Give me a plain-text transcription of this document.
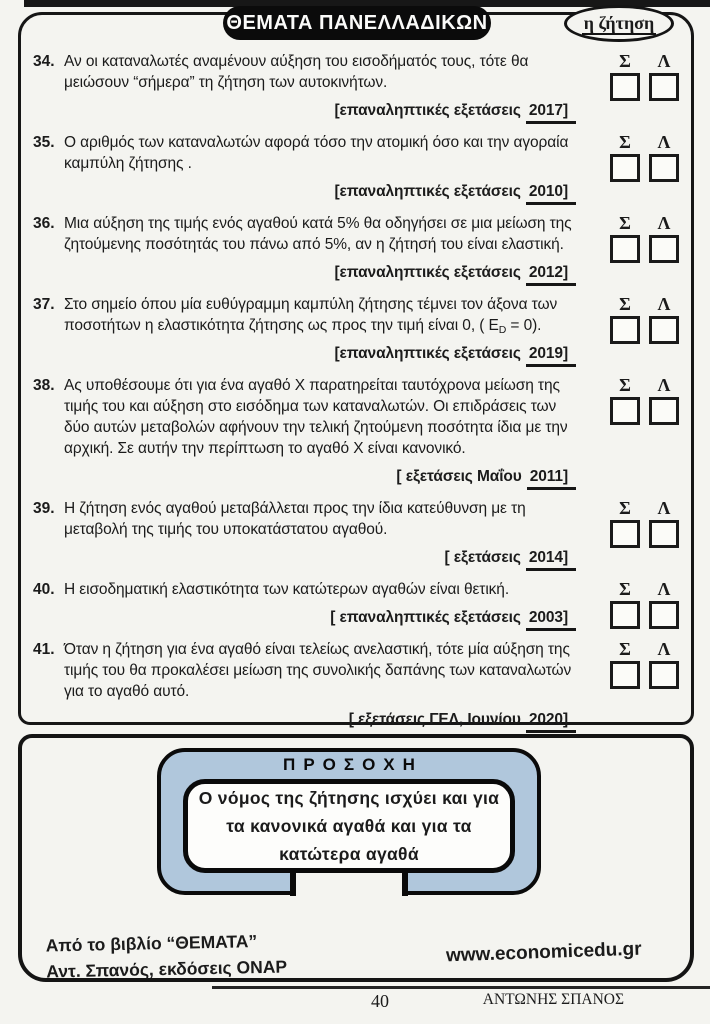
ΘΕΜΑΤΑ ΠΑΝΕΛΛΑΔΙΚΩΝ	η ζήτηση
34. Αν οι καταναλωτές αναμένουν αύξηση του εισοδήματός τους, τότε θα μειώσουν “σήμερα” τη ζήτηση των αυτοκινήτων.
[επαναληπτικές εξετάσεις 2017]
Σ Λ
35. Ο αριθμός των καταναλωτών αφορά τόσο την ατομική όσο και την αγοραία καμπύλη ζήτησης .
[επαναληπτικές εξετάσεις 2010]
Σ Λ
36. Μια αύξηση της τιμής ενός αγαθού κατά 5% θα οδηγήσει σε μια μείωση της ζητούμενης ποσότητάς του πάνω από 5%, αν η ζήτησή του είναι ελαστική.
[επαναληπτικές εξετάσεις 2012]
Σ Λ
37. Στο σημείο όπου μία ευθύγραμμη καμπύλη ζήτησης τέμνει τον άξονα των ποσοτήτων η ελαστικότητα ζήτησης ως προς την τιμή είναι 0, ( ED = 0).
[επαναληπτικές εξετάσεις 2019]
Σ Λ
38. Ας υποθέσουμε ότι για ένα αγαθό Χ παρατηρείται ταυτόχρονα μείωση της τιμής του και αύξηση στο εισόδημα των καταναλωτών. Οι επιδράσεις των δύο αυτών μεταβολών αφήνουν την τελική ζητούμενη ποσότητα ίδια με την αρχική. Σε αυτήν την περίπτωση το αγαθό Χ είναι κανονικό.
[ εξετάσεις Μαΐου 2011]
Σ Λ
39. Η ζήτηση ενός αγαθού μεταβάλλεται προς την ίδια κατεύθυνση με τη μεταβολή της τιμής του υποκατάστατου αγαθού.
[ εξετάσεις 2014]
Σ Λ
40. Η εισοδηματική ελαστικότητα των κατώτερων αγαθών είναι θετική.
[ επαναληπτικές εξετάσεις 2003]
Σ Λ
41. Όταν η ζήτηση για ένα αγαθό είναι τελείως ανελαστική, τότε μία αύξηση της τιμής του θα προκαλέσει μείωση της συνολικής δαπάνης των καταναλωτών για το αγαθό αυτό.
[ εξετάσεις ΓΕΛ, Ιουνίου 2020]
Σ Λ
ΠΡΟΣΟΧΗ
Ο νόμος της ζήτησης ισχύει και για τα κανονικά αγαθά και για τα κατώτερα αγαθά
Από το βιβλίο “ΘΕΜΑΤΑ”
Αντ. Σπανός, εκδόσεις ΟΝΑΡ
www.economicedu.gr
40	ΑΝΤΩΝΗΣ ΣΠΑΝΟΣ
